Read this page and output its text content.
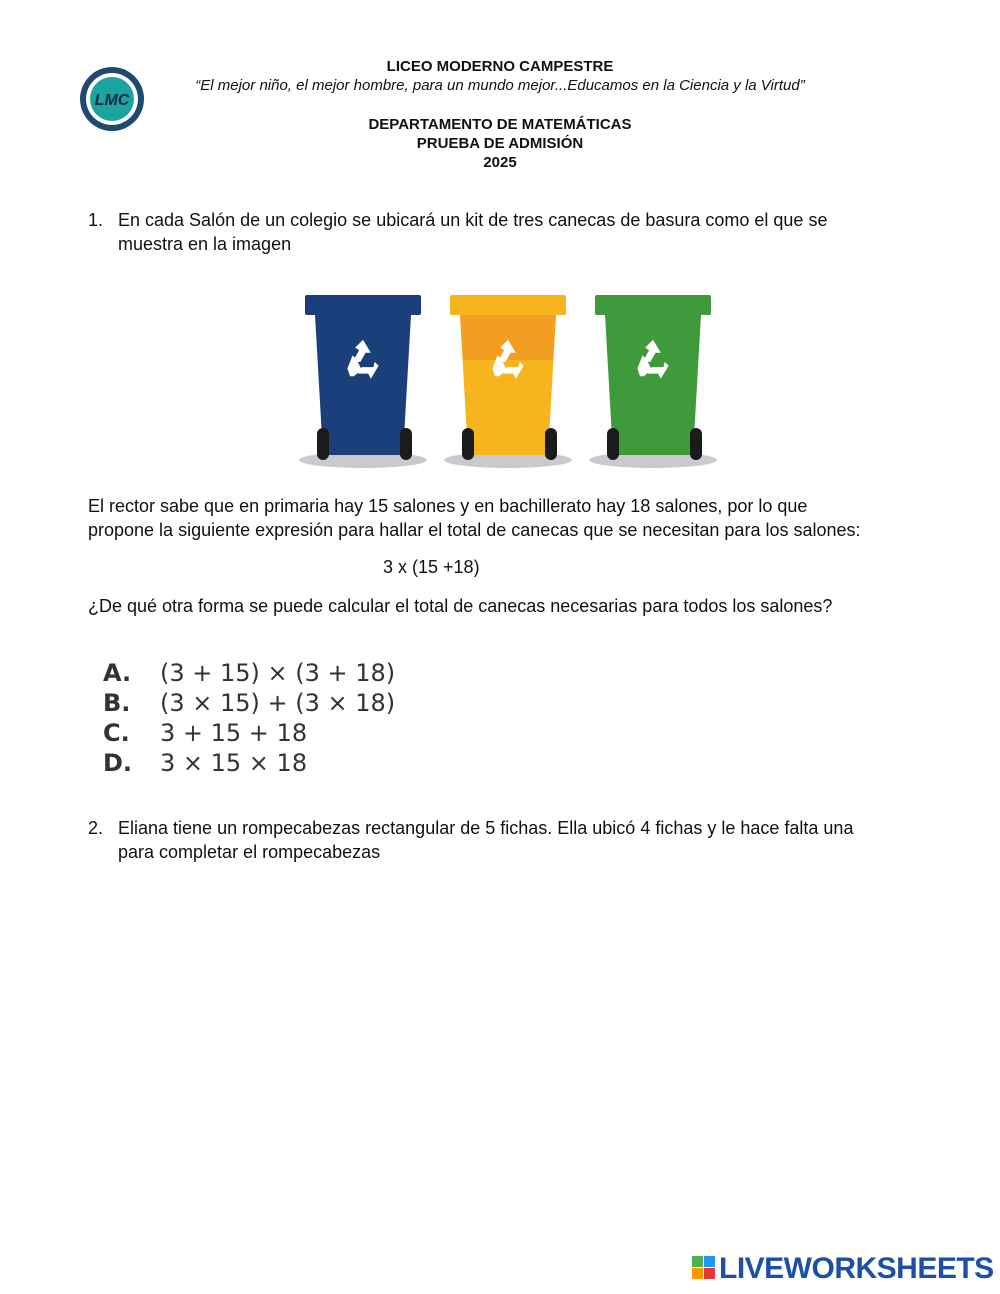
LMC
LICEO MODERNO CAMPESTRE
“El mejor niño, el mejor hombre, para un mundo mejor...Educamos en la Ciencia y la Virtud”
DEPARTAMENTO DE MATEMÁTICAS
PRUEBA DE ADMISIÓN
2025
1. En cada Salón de un colegio se ubicará un kit de tres canecas de basura como el que se
muestra en la imagen
El rector sabe que en primaria hay 15 salones y en bachillerato hay 18 salones, por lo que
propone la siguiente expresión para hallar el total de canecas que se necesitan para los salones:
3 x (15 +18)
¿De qué otra forma se puede calcular el total de canecas necesarias para todos los salones?
A. (3 + 15) × (3 + 18)
B. (3 × 15) + (3 × 18)
C. 3 + 15 + 18
D. 3 × 15 × 18
2. Eliana tiene un rompecabezas rectangular de 5 fichas. Ella ubicó 4 fichas y le hace falta una
para completar el rompecabezas
LIVEWORKSHEETS
